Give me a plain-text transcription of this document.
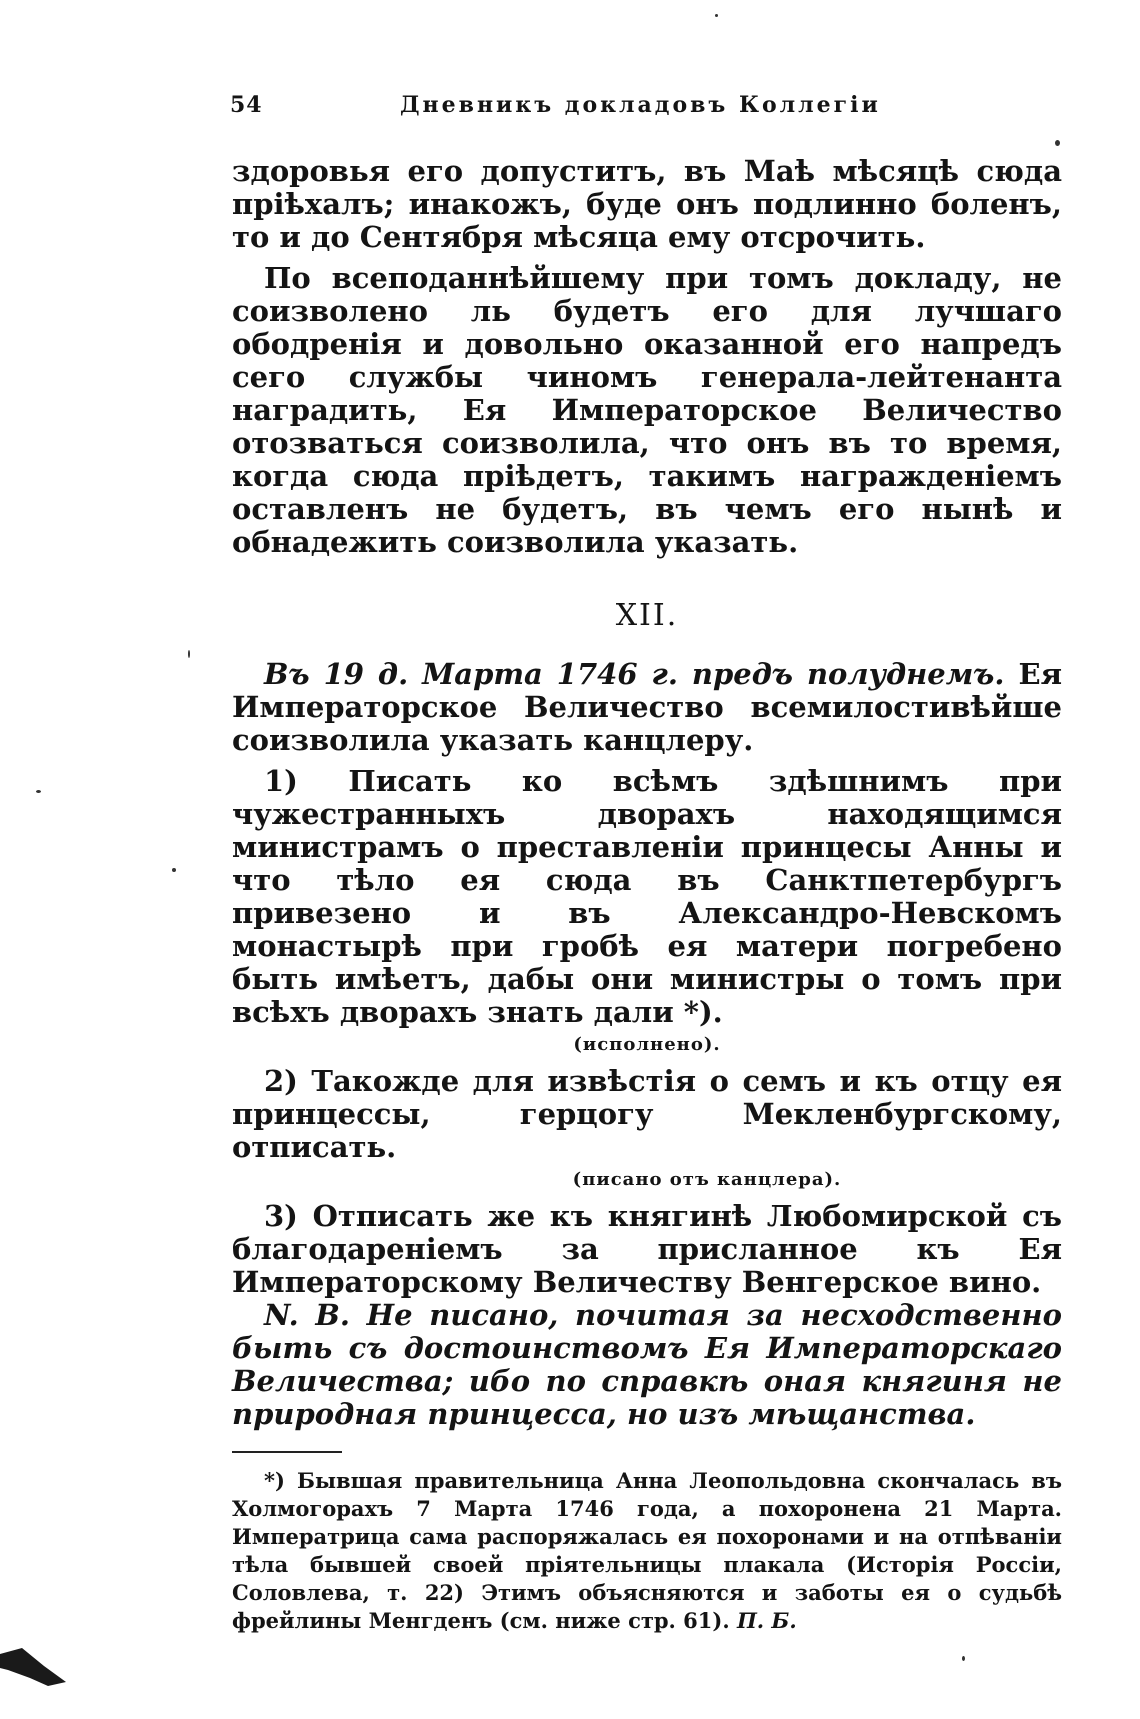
54	Дневникъ докладовъ Коллегіи

здоровья его допуститъ, въ Маѣ мѣсяцѣ сюда пріѣхалъ; инакожъ, буде онъ подлинно боленъ, то и до Сентября мѣсяца ему отсрочить.

По всеподаннѣйшему при томъ докладу, не соизволено ль будетъ его для лучшаго ободренія и довольно оказанной его напредъ сего службы чиномъ генерала-лейтенанта наградить, Ея Императорское Величество отозваться соизволила, что онъ въ то время, когда сюда пріѣдетъ, такимъ награжденіемъ оставленъ не будетъ, въ чемъ его нынѣ и обнадежить соизволила указать.

XII.

Въ 19 д. Марта 1746 г. предъ полуднемъ. Ея Императорское Величество всемилостивѣйше соизволила указать канцлеру.

1) Писать ко всѣмъ здѣшнимъ при чужестранныхъ дворахъ находящимся министрамъ о преставленіи принцесы Анны и что тѣло ея сюда въ Санктпетербургъ привезено и въ Александро-Невскомъ монастырѣ при гробѣ ея матери погребено быть имѣетъ, дабы они министры о томъ при всѣхъ дворахъ знать дали *).

(исполнено).

2) Такожде для извѣстія о семъ и къ отцу ея принцессы, герцогу Мекленбургскому, отписать.

(писано отъ канцлера).

3) Отписать же къ княгинѣ Любомирской съ благодареніемъ за присланное къ Ея Императорскому Величеству Венгерское вино.

N. B. Не писано, почитая за несходственно быть съ достоинствомъ Ея Императорскаго Величества; ибо по справкѣ оная княгиня не природная принцесса, но изъ мѣщанства.

*) Бывшая правительница Анна Леопольдовна скончалась въ Холмогорахъ 7 Марта 1746 года, а похоронена 21 Марта. Императрица сама распоряжалась ея похоронами и на отпѣваніи тѣла бывшей своей пріятельницы плакала (Исторія Россіи, Соловлева, т. 22) Этимъ объясняются и заботы ея о судьбѣ фрейлины Менгденъ (см. ниже стр. 61). П. Б.
